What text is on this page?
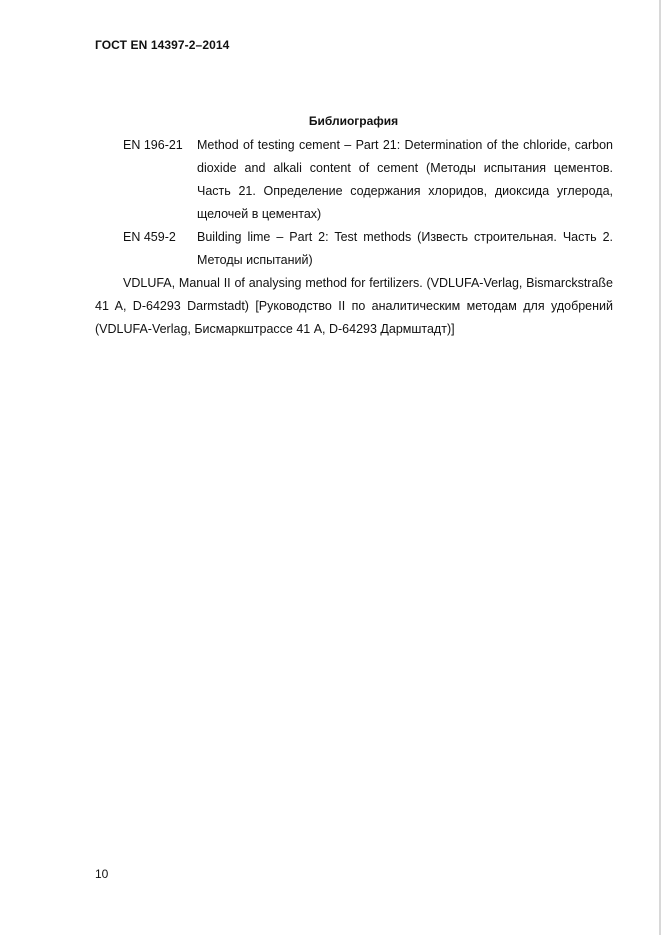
ГОСТ EN 14397-2–2014
Библиография
EN 196-21 Method of testing cement – Part 21: Determination of the chloride, carbon dioxide and alkali content of cement (Методы испытания цементов. Часть 21. Определение содержания хлоридов, диоксида углерода, щелочей в цементах)
EN 459-2 Building lime – Part 2: Test methods (Известь строительная. Часть 2. Методы испытаний)
VDLUFA, Manual II of analysing method for fertilizers. (VDLUFA-Verlag, Bismarckstraße 41 A, D-64293 Darmstadt) [Руководство II по аналитическим методам для удобрений (VDLUFA-Verlag, Бисмаркштрассе 41 A, D-64293 Дармштадт)]
10
